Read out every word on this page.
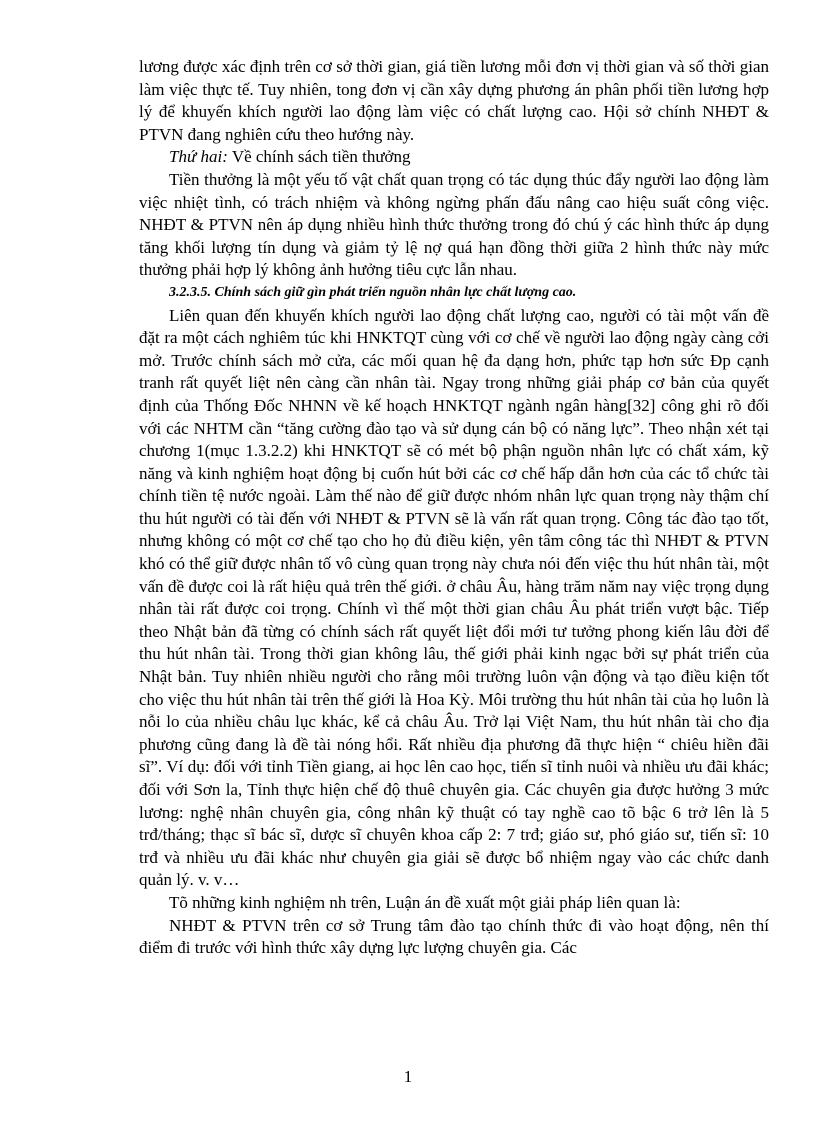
lương được xác định trên cơ sở thời gian, giá tiền lương mỗi đơn vị thời gian và số thời gian làm việc thực tế. Tuy nhiên, tong đơn vị cần xây dựng phương án phân phối tiền lương hợp lý để khuyến khích người lao động làm việc có chất lượng cao. Hội sở chính NHĐT & PTVN đang nghiên cứu theo hướng này.

Thứ hai: Về chính sách tiền thưởng

Tiền thưởng là một yếu tố vật chất quan trọng có tác dụng thúc đẩy người lao động làm việc nhiệt tình, có trách nhiệm và không ngừng phấn đấu nâng cao hiệu suất công việc. NHĐT & PTVN nên áp dụng nhiều hình thức thưởng trong đó chú ý các hình thức áp dụng tăng khối lượng tín dụng và giảm tỷ lệ nợ quá hạn đồng thời giữa 2 hình thức này mức thưởng phải hợp lý không ảnh hưởng tiêu cực lẫn nhau.

3.2.3.5. Chính sách giữ gìn phát triển nguồn nhân lực chất lượng cao.

Liên quan đến khuyến khích người lao động chất lượng cao, người có tài một vấn đề đặt ra một cách nghiêm túc khi HNKTQT cùng với cơ chế về người lao động ngày càng cởi mở. Trước chính sách mở cửa, các mối quan hệ đa dạng hơn, phức tạp hơn sức Đp cạnh tranh rất quyết liệt nên càng cần nhân tài. Ngay trong những giải pháp cơ bản của quyết định của Thống Đốc NHNN về kế hoạch HNKTQT ngành ngân hàng[32] công ghi rõ đối với các NHTM cần “tăng cường đào tạo và sử dụng cán bộ có năng lực”. Theo nhận xét tại chương 1(mục 1.3.2.2) khi HNKTQT sẽ có mét bộ phận nguồn nhân lực có chất xám, kỹ năng và kinh nghiệm hoạt động bị cuốn hút bởi các cơ chế hấp dẫn hơn của các tổ chức tài chính tiền tệ nước ngoài. Làm thế nào để giữ được nhóm nhân lực quan trọng này thậm chí thu hút người có tài đến với NHĐT & PTVN sẽ là vấn rất quan trọng. Công tác đào tạo tốt, nhưng không có một cơ chế tạo cho họ đủ điều kiện, yên tâm công tác thì NHĐT & PTVN khó có thể giữ được nhân tố vô cùng quan trọng này chưa nói đến việc thu hút nhân tài, một vấn đề được coi là rất hiệu quả trên thế giới. ở châu Âu, hàng trăm năm nay việc trọng dụng nhân tài rất được coi trọng. Chính vì thế một thời gian châu Âu phát triển vượt bậc. Tiếp theo Nhật bản đã từng có chính sách rất quyết liệt đổi mới tư tưởng phong kiến lâu đời để thu hút nhân tài. Trong thời gian không lâu, thế giới phải kinh ngạc bởi sự phát triển của Nhật bản. Tuy nhiên nhiều người cho rằng môi trường luôn vận động và tạo điều kiện tốt cho việc thu hút nhân tài trên thế giới là Hoa Kỳ. Môi trường thu hút nhân tài của họ luôn là nỗi lo của nhiều châu lục khác, kể cả châu Âu. Trở lại Việt Nam, thu hút nhân tài cho địa phương cũng đang là đề tài nóng hổi. Rất nhiều địa phương đã thực hiện “ chiêu hiền đãi sĩ”. Ví dụ: đối với tỉnh Tiền giang, ai học lên cao học, tiến sĩ tỉnh nuôi và nhiều ưu đãi khác; đối với Sơn la, Tỉnh thực hiện chế độ thuê chuyên gia. Các chuyên gia được hưởng 3 mức lương: nghệ nhân chuyên gia, công nhân kỹ thuật có tay nghề cao tõ bậc 6 trở lên là 5 trđ/tháng; thạc sĩ bác sĩ, dược sĩ chuyên khoa cấp 2: 7 trđ; giáo sư, phó giáo sư, tiến sĩ: 10 trđ và nhiều ưu đãi khác như chuyên gia giải sẽ được bổ nhiệm ngay vào các chức danh quản lý. v. v…

Tõ những kinh nghiệm nh trên, Luận án đề xuất một giải pháp liên quan là:

NHĐT & PTVN trên cơ sở Trung tâm đào tạo chính thức đi vào hoạt động, nên thí điểm đi trước với hình thức xây dựng lực lượng chuyên gia. Các

1
